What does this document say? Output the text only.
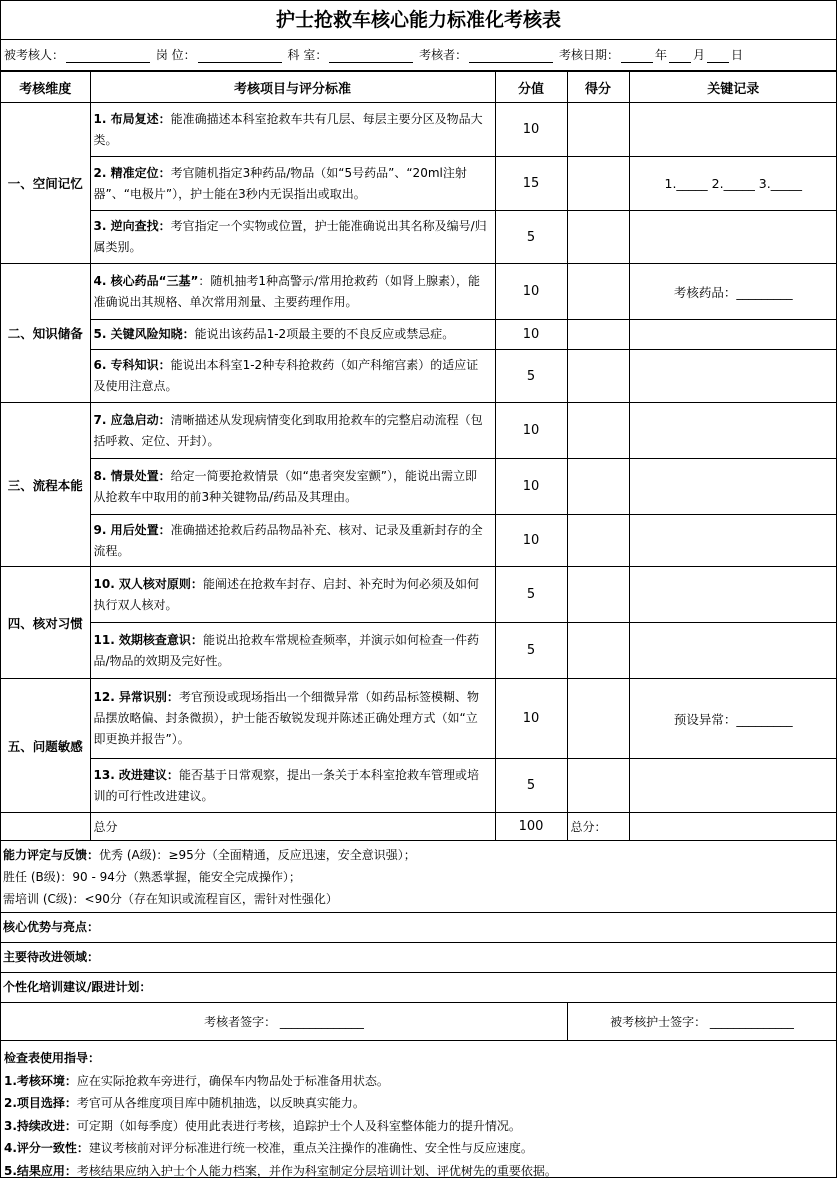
护士抢救车核心能力标准化考核表
被考核人：	岗 位：	科 室：	考核者：	考核日期：	年 月 日
考核维度	考核项目与评分标准	分值	得分	关键记录
一、空间记忆	1. 布局复述：能准确描述本科室抢救车共有几层、每层主要分区及物品大类。	10		
	2. 精准定位：考官随机指定3种药品/物品（如“5号药品”、“20ml注射器”、“电极片”），护士能在3秒内无误指出或取出。	15		1._____ 2._____ 3._____
	3. 逆向查找：考官指定一个实物或位置，护士能准确说出其名称及编号/归属类别。	5		
二、知识储备	4. 核心药品“三基”：随机抽考1种高警示/常用抢救药（如肾上腺素），能准确说出其规格、单次常用剂量、主要药理作用。	10		考核药品：_________
	5. 关键风险知晓：能说出该药品1-2项最主要的不良反应或禁忌症。	10		
	6. 专科知识：能说出本科室1-2种专科抢救药（如产科缩宫素）的适应证及使用注意点。	5		
三、流程本能	7. 应急启动：清晰描述从发现病情变化到取用抢救车的完整启动流程（包括呼救、定位、开封）。	10		
	8. 情景处置：给定一简要抢救情景（如“患者突发室颤”），能说出需立即从抢救车中取用的前3种关键物品/药品及其理由。	10		
	9. 用后处置：准确描述抢救后药品物品补充、核对、记录及重新封存的全流程。	10		
四、核对习惯	10. 双人核对原则：能阐述在抢救车封存、启封、补充时为何必须及如何执行双人核对。	5		
	11. 效期核查意识：能说出抢救车常规检查频率，并演示如何检查一件药品/物品的效期及完好性。	5		
五、问题敏感	12. 异常识别：考官预设或现场指出一个细微异常（如药品标签模糊、物品摆放略偏、封条微损），护士能否敏锐发现并陈述正确处理方式（如“立即更换并报告”）。	10		预设异常：_________
	13. 改进建议：能否基于日常观察，提出一条关于本科室抢救车管理或培训的可行性改进建议。	5		
	总分	100	总分：	
能力评定与反馈：优秀 (A级)：≥95分（全面精通，反应迅速，安全意识强）；
胜任 (B级)：90 - 94分（熟悉掌握，能安全完成操作）；
需培训 (C级)：<90分（存在知识或流程盲区，需针对性强化）
核心优势与亮点：
主要待改进领域：
个性化培训建议/跟进计划：
考核者签字： ______________	被考核护士签字： ______________
检查表使用指导：
1.考核环境：应在实际抢救车旁进行，确保车内物品处于标准备用状态。
2.项目选择：考官可从各维度项目库中随机抽选，以反映真实能力。
3.持续改进：可定期（如每季度）使用此表进行考核，追踪护士个人及科室整体能力的提升情况。
4.评分一致性：建议考核前对评分标准进行统一校准，重点关注操作的准确性、安全性与反应速度。
5.结果应用：考核结果应纳入护士个人能力档案，并作为科室制定分层培训计划、评优树先的重要依据。
